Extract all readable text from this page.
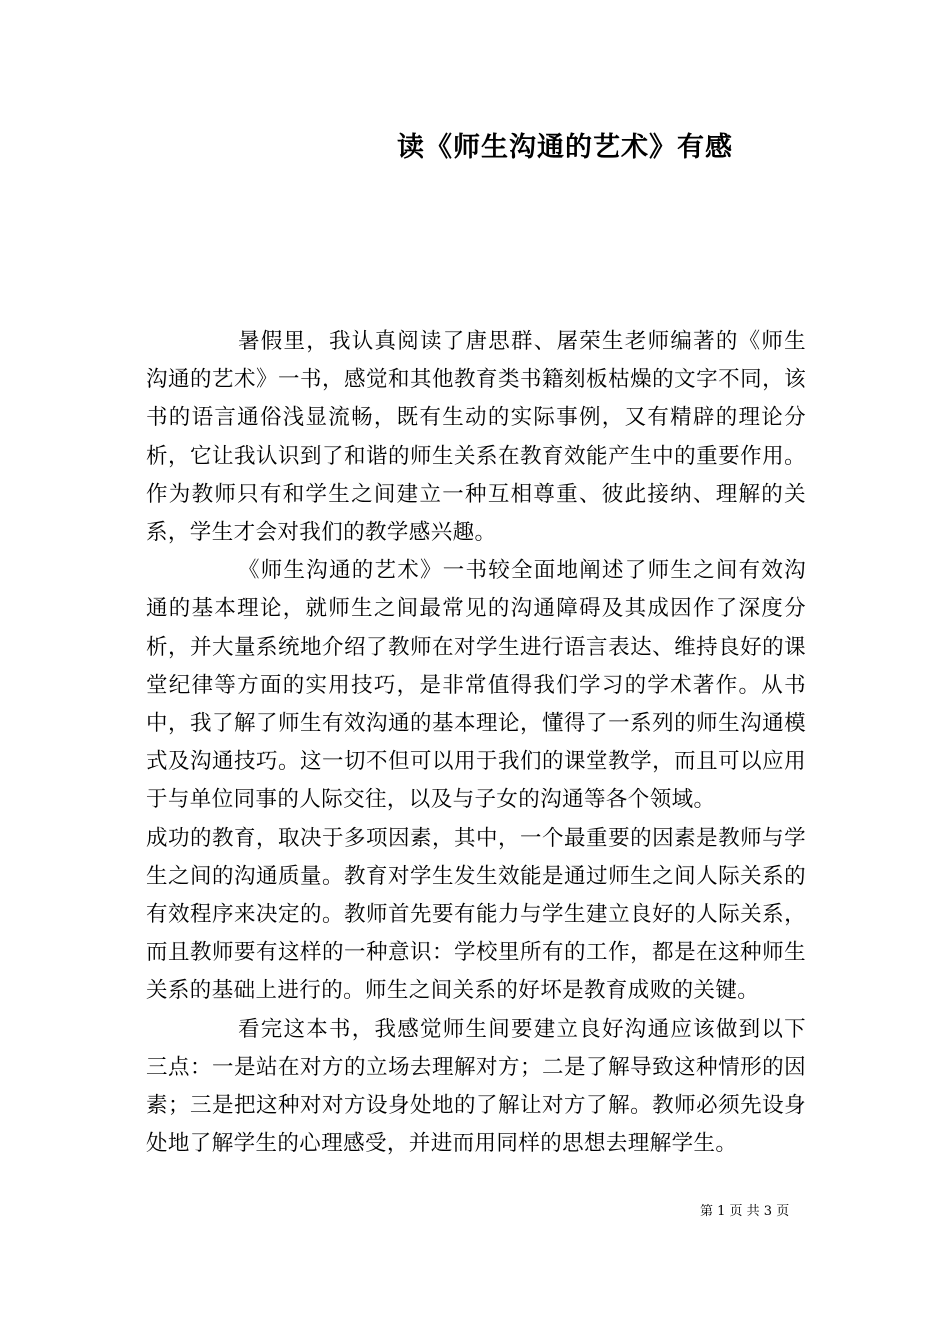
读《师生沟通的艺术》有感

暑假里，我认真阅读了唐思群、屠荣生老师编著的《师生沟通的艺术》一书，感觉和其他教育类书籍刻板枯燥的文字不同，该书的语言通俗浅显流畅，既有生动的实际事例，又有精辟的理论分析，它让我认识到了和谐的师生关系在教育效能产生中的重要作用。作为教师只有和学生之间建立一种互相尊重、彼此接纳、理解的关系，学生才会对我们的教学感兴趣。

《师生沟通的艺术》一书较全面地阐述了师生之间有效沟通的基本理论，就师生之间最常见的沟通障碍及其成因作了深度分析，并大量系统地介绍了教师在对学生进行语言表达、维持良好的课堂纪律等方面的实用技巧，是非常值得我们学习的学术著作。从书中，我了解了师生有效沟通的基本理论，懂得了一系列的师生沟通模式及沟通技巧。这一切不但可以用于我们的课堂教学，而且可以应用于与单位同事的人际交往，以及与子女的沟通等各个领域。

成功的教育，取决于多项因素，其中，一个最重要的因素是教师与学生之间的沟通质量。教育对学生发生效能是通过师生之间人际关系的有效程序来决定的。教师首先要有能力与学生建立良好的人际关系，而且教师要有这样的一种意识：学校里所有的工作，都是在这种师生关系的基础上进行的。师生之间关系的好坏是教育成败的关键。

看完这本书，我感觉师生间要建立良好沟通应该做到以下三点：一是站在对方的立场去理解对方；二是了解导致这种情形的因素；三是把这种对对方设身处地的了解让对方了解。教师必须先设身处地了解学生的心理感受，并进而用同样的思想去理解学生。

第 1 页 共 3 页
